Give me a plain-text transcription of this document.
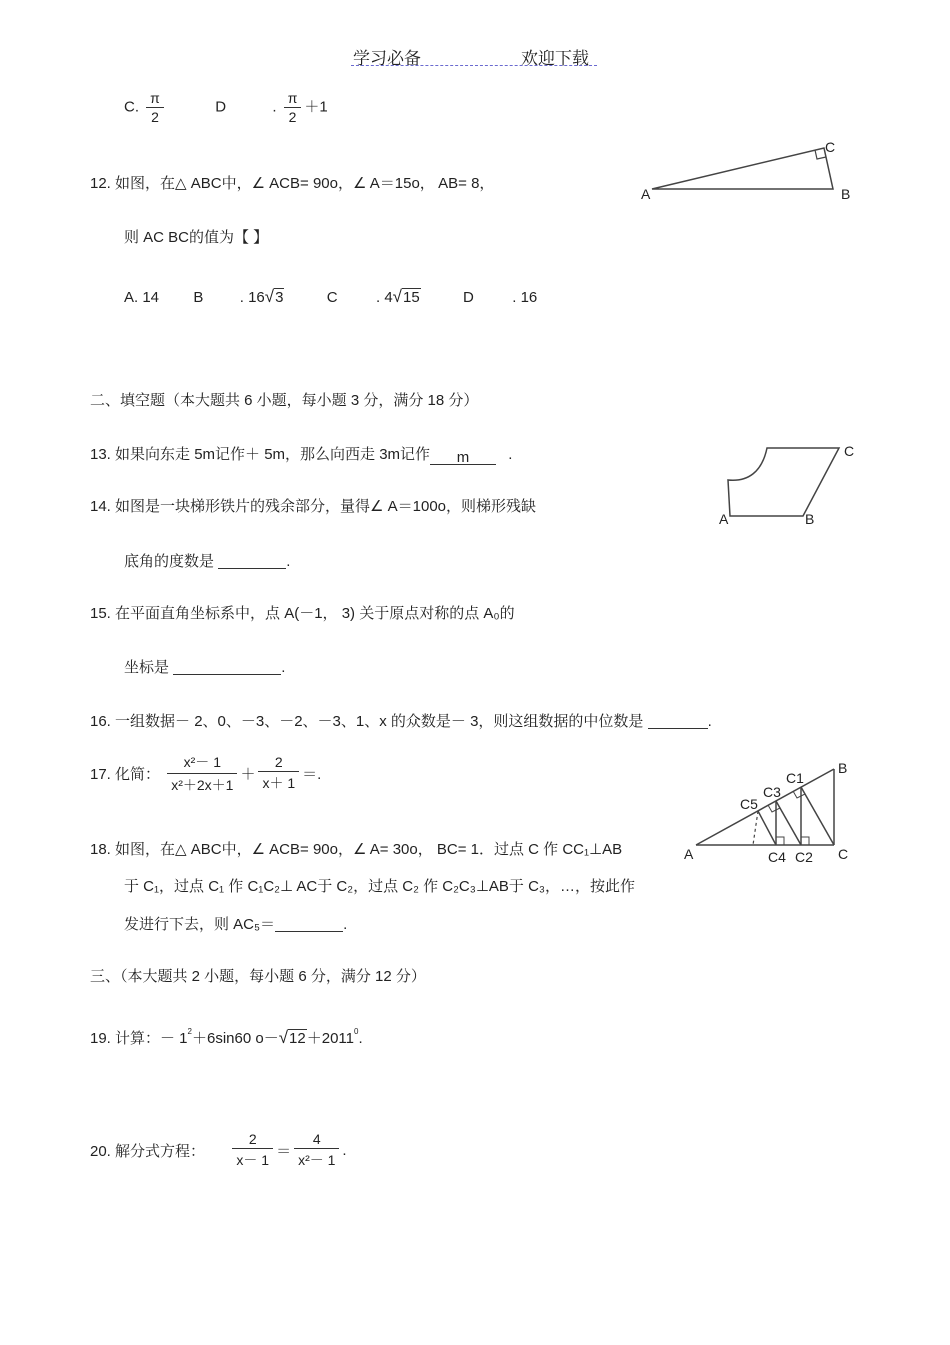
学习必备	欢迎下载
C. $\frac{\pi}{2}$	D	. $\frac{\pi}{2} +1$
12. 如图，在△ ABC中，∠ ACB= 90o，∠ A＝15o， AB= 8，
则 AC BC的值为【 】
A. 14 B . 16√3	C	. 4√15	D	. 16
A	B
C
二、填空题（本大题共 6 小题，每小题 3 分，满分 18 分）
13. 如果向东走 5m记作＋ 5m，那么向西走 3m记作 m	.
14. 如图是一块梯形铁片的残余部分，量得∠ A＝100o，则梯形残缺
底角的度数是	.
A	B
C
15. 在平面直角坐标系中，点 A(－1， 3) 关于原点对称的点 A₀的
坐标是	.
16. 一组数据－ 2、0、－3、－2、－3、1、x 的众数是－ 3，则这组数据的中位数是	.
17. 化简： $\frac{\text{x²－ 1}}{\text{x²＋2x＋1}} + \frac{2}{x+ 1}$ ＝.
18. 如图，在△ ABC中，∠ ACB= 90o，∠ A= 30o， BC= 1．过点 C 作 CC₁⊥AB
于 C₁，过点 C₁ 作 C₁C₂⊥ AC于 C₂，过点 C₂ 作 C₂C₃⊥AB于 C₃，…，按此作
发进行下去，则 AC₅＝	.
A
B
C
C1
C2
C3
C4
C5
三、（本大题共 2 小题，每小题 6 分，满分 12 分）
19. 计算：－ $1^2+6\sin 60$ $o-√12+2011^0$.
20. 解分式方程： $\frac{2}{x- 1} = \frac{4}{\text{x²－ 1}}$ .
